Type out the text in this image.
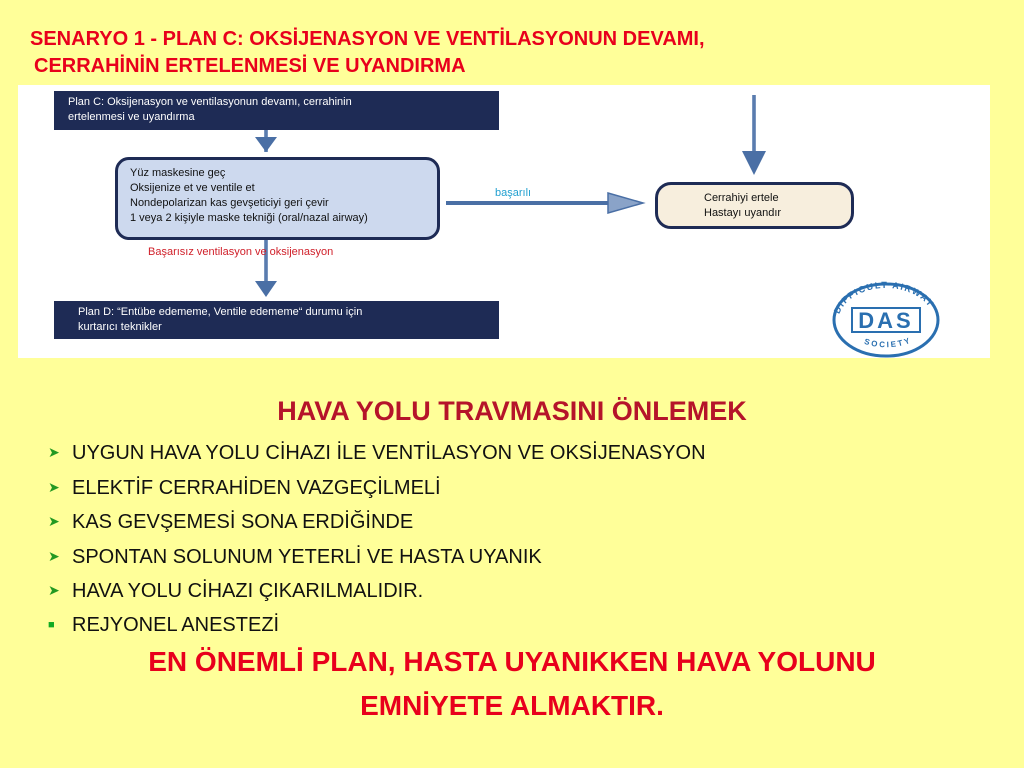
SENARYO 1 - PLAN C: OKSİJENASYON VE VENTİLASYONUN DEVAMI,
CERRAHİNİN ERTELENMESİ VE UYANDIRMA
Plan C: Oksijenasyon ve ventilasyonun devamı, cerrahinin
ertelenmesi ve uyandırma
Yüz maskesine geç
Oksijenize et ve ventile et
Nondepolarizan kas gevşeticiyi geri çevir
1 veya 2 kişiyle maske tekniği (oral/nazal airway)
başarılı	Cerrahiyi ertele
Hastayı uyandır
Başarısız ventilasyon ve oksijenasyon
Plan D: “Entübe edememe, Ventile edememe“ durumu için
kurtarıcı teknikler
DIFFICULT AIRWAY
SOCIETY
DAS
HAVA YOLU TRAVMASINI ÖNLEMEK
➤ UYGUN HAVA YOLU CİHAZI İLE VENTİLASYON VE OKSİJENASYON
➤ ELEKTİF CERRAHİDEN VAZGEÇİLMELİ
➤ KAS GEVŞEMESİ SONA ERDİĞİNDE
➤ SPONTAN SOLUNUM YETERLİ VE HASTA UYANIK
➤ HAVA YOLU CİHAZI ÇIKARILMALIDIR.
■ REJYONEL ANESTEZİ
EN ÖNEMLİ PLAN, HASTA UYANIKKEN HAVA YOLUNU
EMNİYETE ALMAKTIR.
